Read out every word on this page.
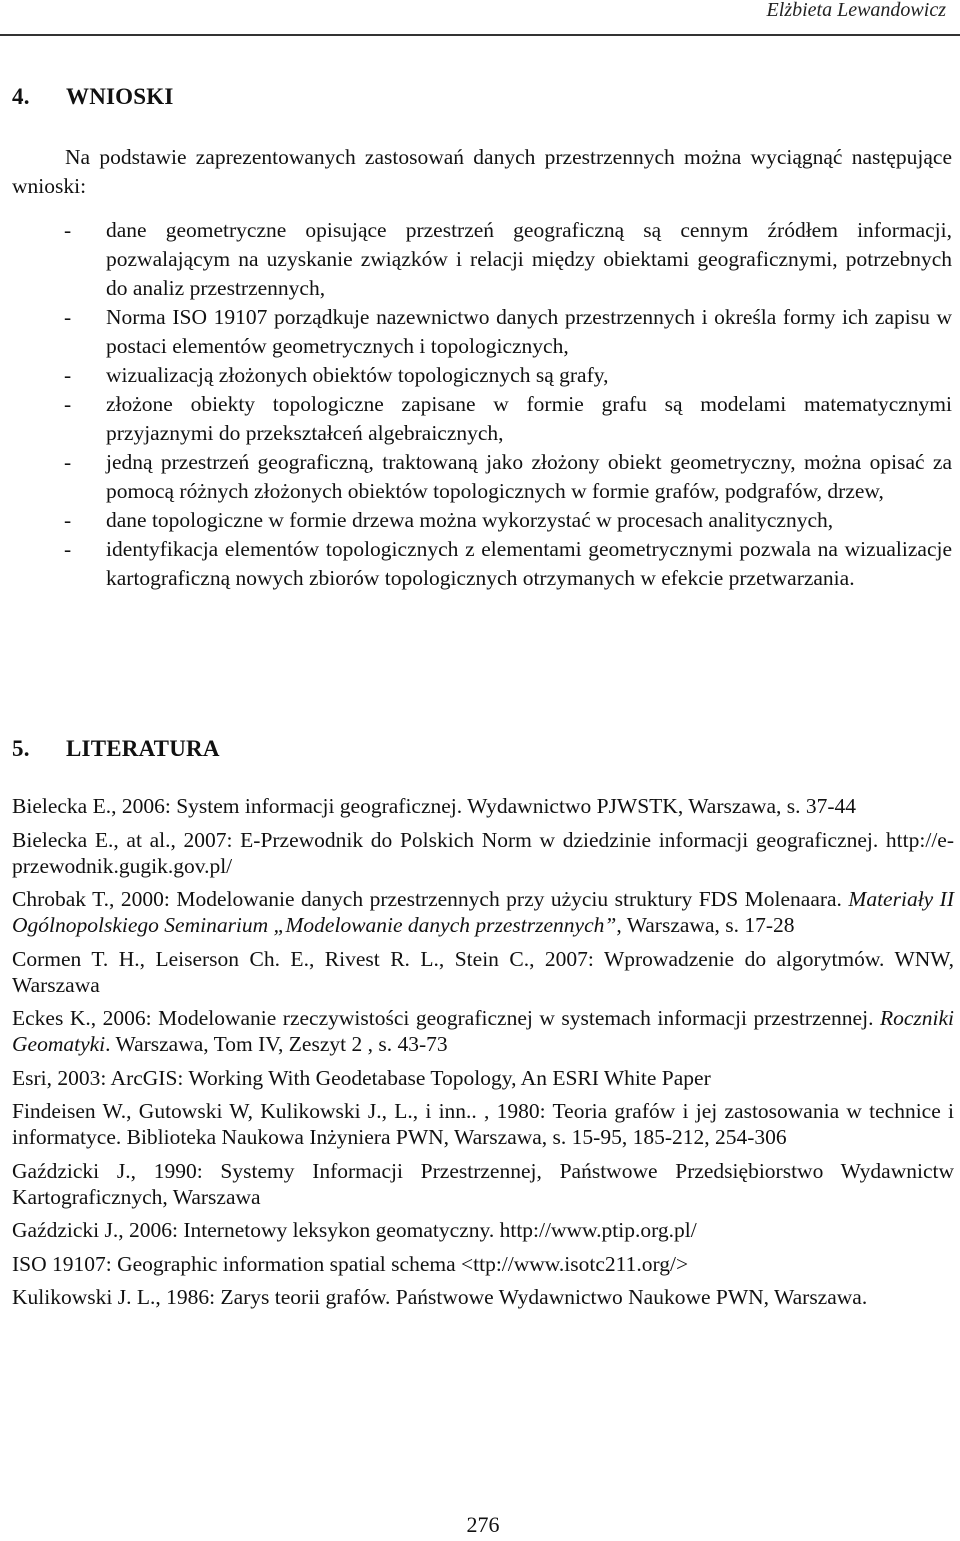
Elżbieta Lewandowicz
4. WNIOSKI

Na podstawie zaprezentowanych zastosowań danych przestrzennych można wyciągnąć następujące wnioski:

- dane geometryczne opisujące przestrzeń geograficzną są cennym źródłem informacji, pozwalającym na uzyskanie związków i relacji między obiektami geograficznymi, potrzebnych do analiz przestrzennych,
- Norma ISO 19107 porządkuje nazewnictwo danych przestrzennych i określa formy ich zapisu w postaci elementów geometrycznych i topologicznych,
- wizualizacją złożonych obiektów topologicznych są grafy,
- złożone obiekty topologiczne zapisane w formie grafu są modelami matematycznymi przyjaznymi do przekształceń algebraicznych,
- jedną przestrzeń geograficzną, traktowaną jako złożony obiekt geometryczny, można opisać za pomocą różnych złożonych obiektów topologicznych w formie grafów, podgrafów, drzew,
- dane topologiczne w formie drzewa można wykorzystać w procesach analitycznych,
- identyfikacja elementów topologicznych z elementami geometrycznymi pozwala na wizualizacje kartograficzną nowych zbiorów topologicznych otrzymanych w efekcie przetwarzania.
5. LITERATURA
Bielecka E., 2006: System informacji geograficznej. Wydawnictwo PJWSTK, Warszawa, s. 37-44
Bielecka E., at al., 2007: E-Przewodnik do Polskich Norm w dziedzinie informacji geograficznej. http://e-przewodnik.gugik.gov.pl/
Chrobak T., 2000: Modelowanie danych przestrzennych przy użyciu struktury FDS Molenaara. Materiały II Ogólnopolskiego Seminarium „Modelowanie danych przestrzennych”, Warszawa, s. 17-28
Cormen T. H., Leiserson Ch. E., Rivest R. L., Stein C., 2007: Wprowadzenie do algorytmów. WNW, Warszawa
Eckes K., 2006: Modelowanie rzeczywistości geograficznej w systemach informacji przestrzennej. Roczniki Geomatyki. Warszawa, Tom IV, Zeszyt 2 , s. 43-73
Esri, 2003: ArcGIS: Working With Geodetabase Topology, An ESRI White Paper
Findeisen W., Gutowski W, Kulikowski J., L., i inn.. , 1980: Teoria grafów i jej zastosowania w technice i informatyce. Biblioteka Naukowa Inżyniera PWN, Warszawa, s. 15-95, 185-212, 254-306
Gaździcki J., 1990: Systemy Informacji Przestrzennej, Państwowe Przedsiębiorstwo Wydawnictw Kartograficznych, Warszawa
Gaździcki J., 2006: Internetowy leksykon geomatyczny. http://www.ptip.org.pl/
ISO 19107: Geographic information spatial schema <ttp://www.isotc211.org/>
Kulikowski J. L., 1986: Zarys teorii grafów. Państwowe Wydawnictwo Naukowe PWN, Warszawa.
276
